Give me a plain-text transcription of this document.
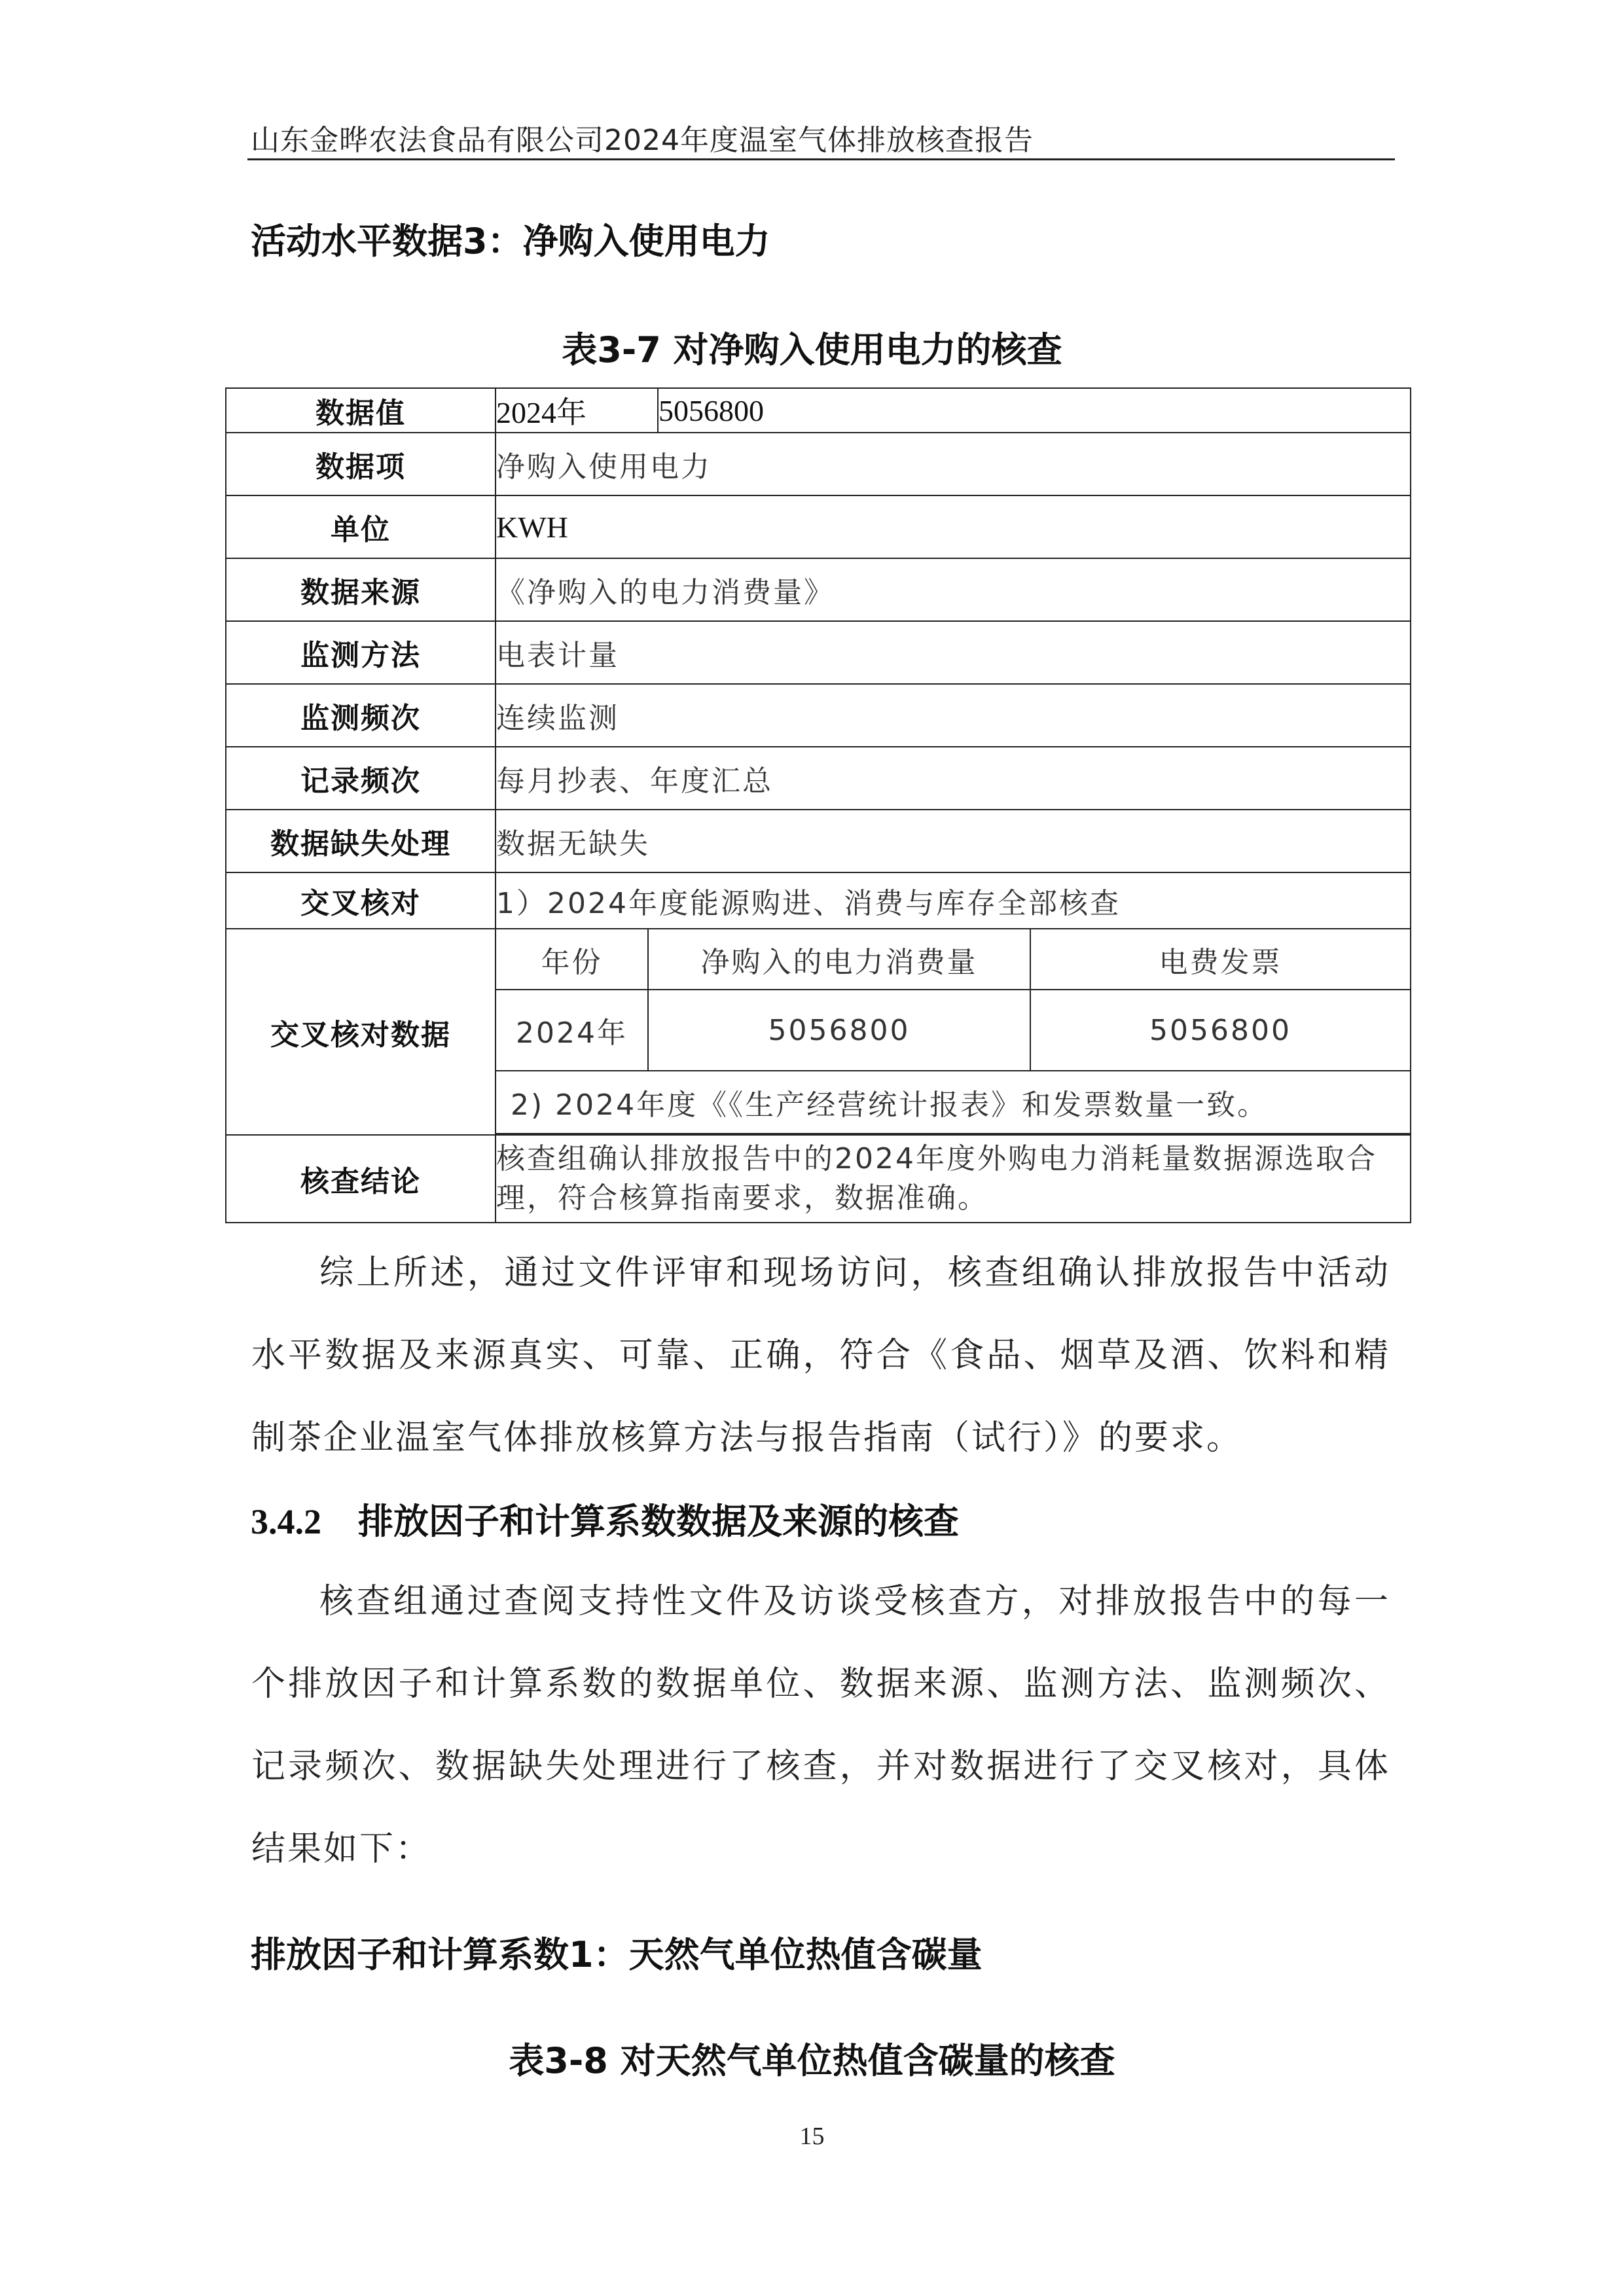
山东金晔农法食品有限公司2024年度温室气体排放核查报告
活动水平数据3：净购入使用电力
表3-7 对净购入使用电力的核查
数据值	2024年	5056800
数据项	净购入使用电力
单位	KWH
数据来源	《净购入的电力消费量》
监测方法	电表计量
监测频次	连续监测
记录频次	每月抄表、年度汇总
数据缺失处理	数据无缺失
交叉核对	1）2024年度能源购进、消费与库存全部核查
交叉核对数据	
年份	净购入的电力消费量	电费发票
2024年	5056800	5056800
2) 2024年度《《生产经营统计报表》和发票数量一致。

核查结论	核查组确认排放报告中的2024年度外购电力消耗量数据源选取合理，符合核算指南要求，数据准确。
综上所述，通过文件评审和现场访问，核查组确认排放报告中活动水平数据及来源真实、可靠、正确，符合《食品、烟草及酒、饮料和精制茶企业温室气体排放核算方法与报告指南（试行）》的要求。
3.4.2 排放因子和计算系数数据及来源的核查
核查组通过查阅支持性文件及访谈受核查方，对排放报告中的每一个排放因子和计算系数的数据单位、数据来源、监测方法、监测频次、记录频次、数据缺失处理进行了核查，并对数据进行了交叉核对，具体结果如下：
排放因子和计算系数1：天然气单位热值含碳量
表3-8 对天然气单位热值含碳量的核查
15
